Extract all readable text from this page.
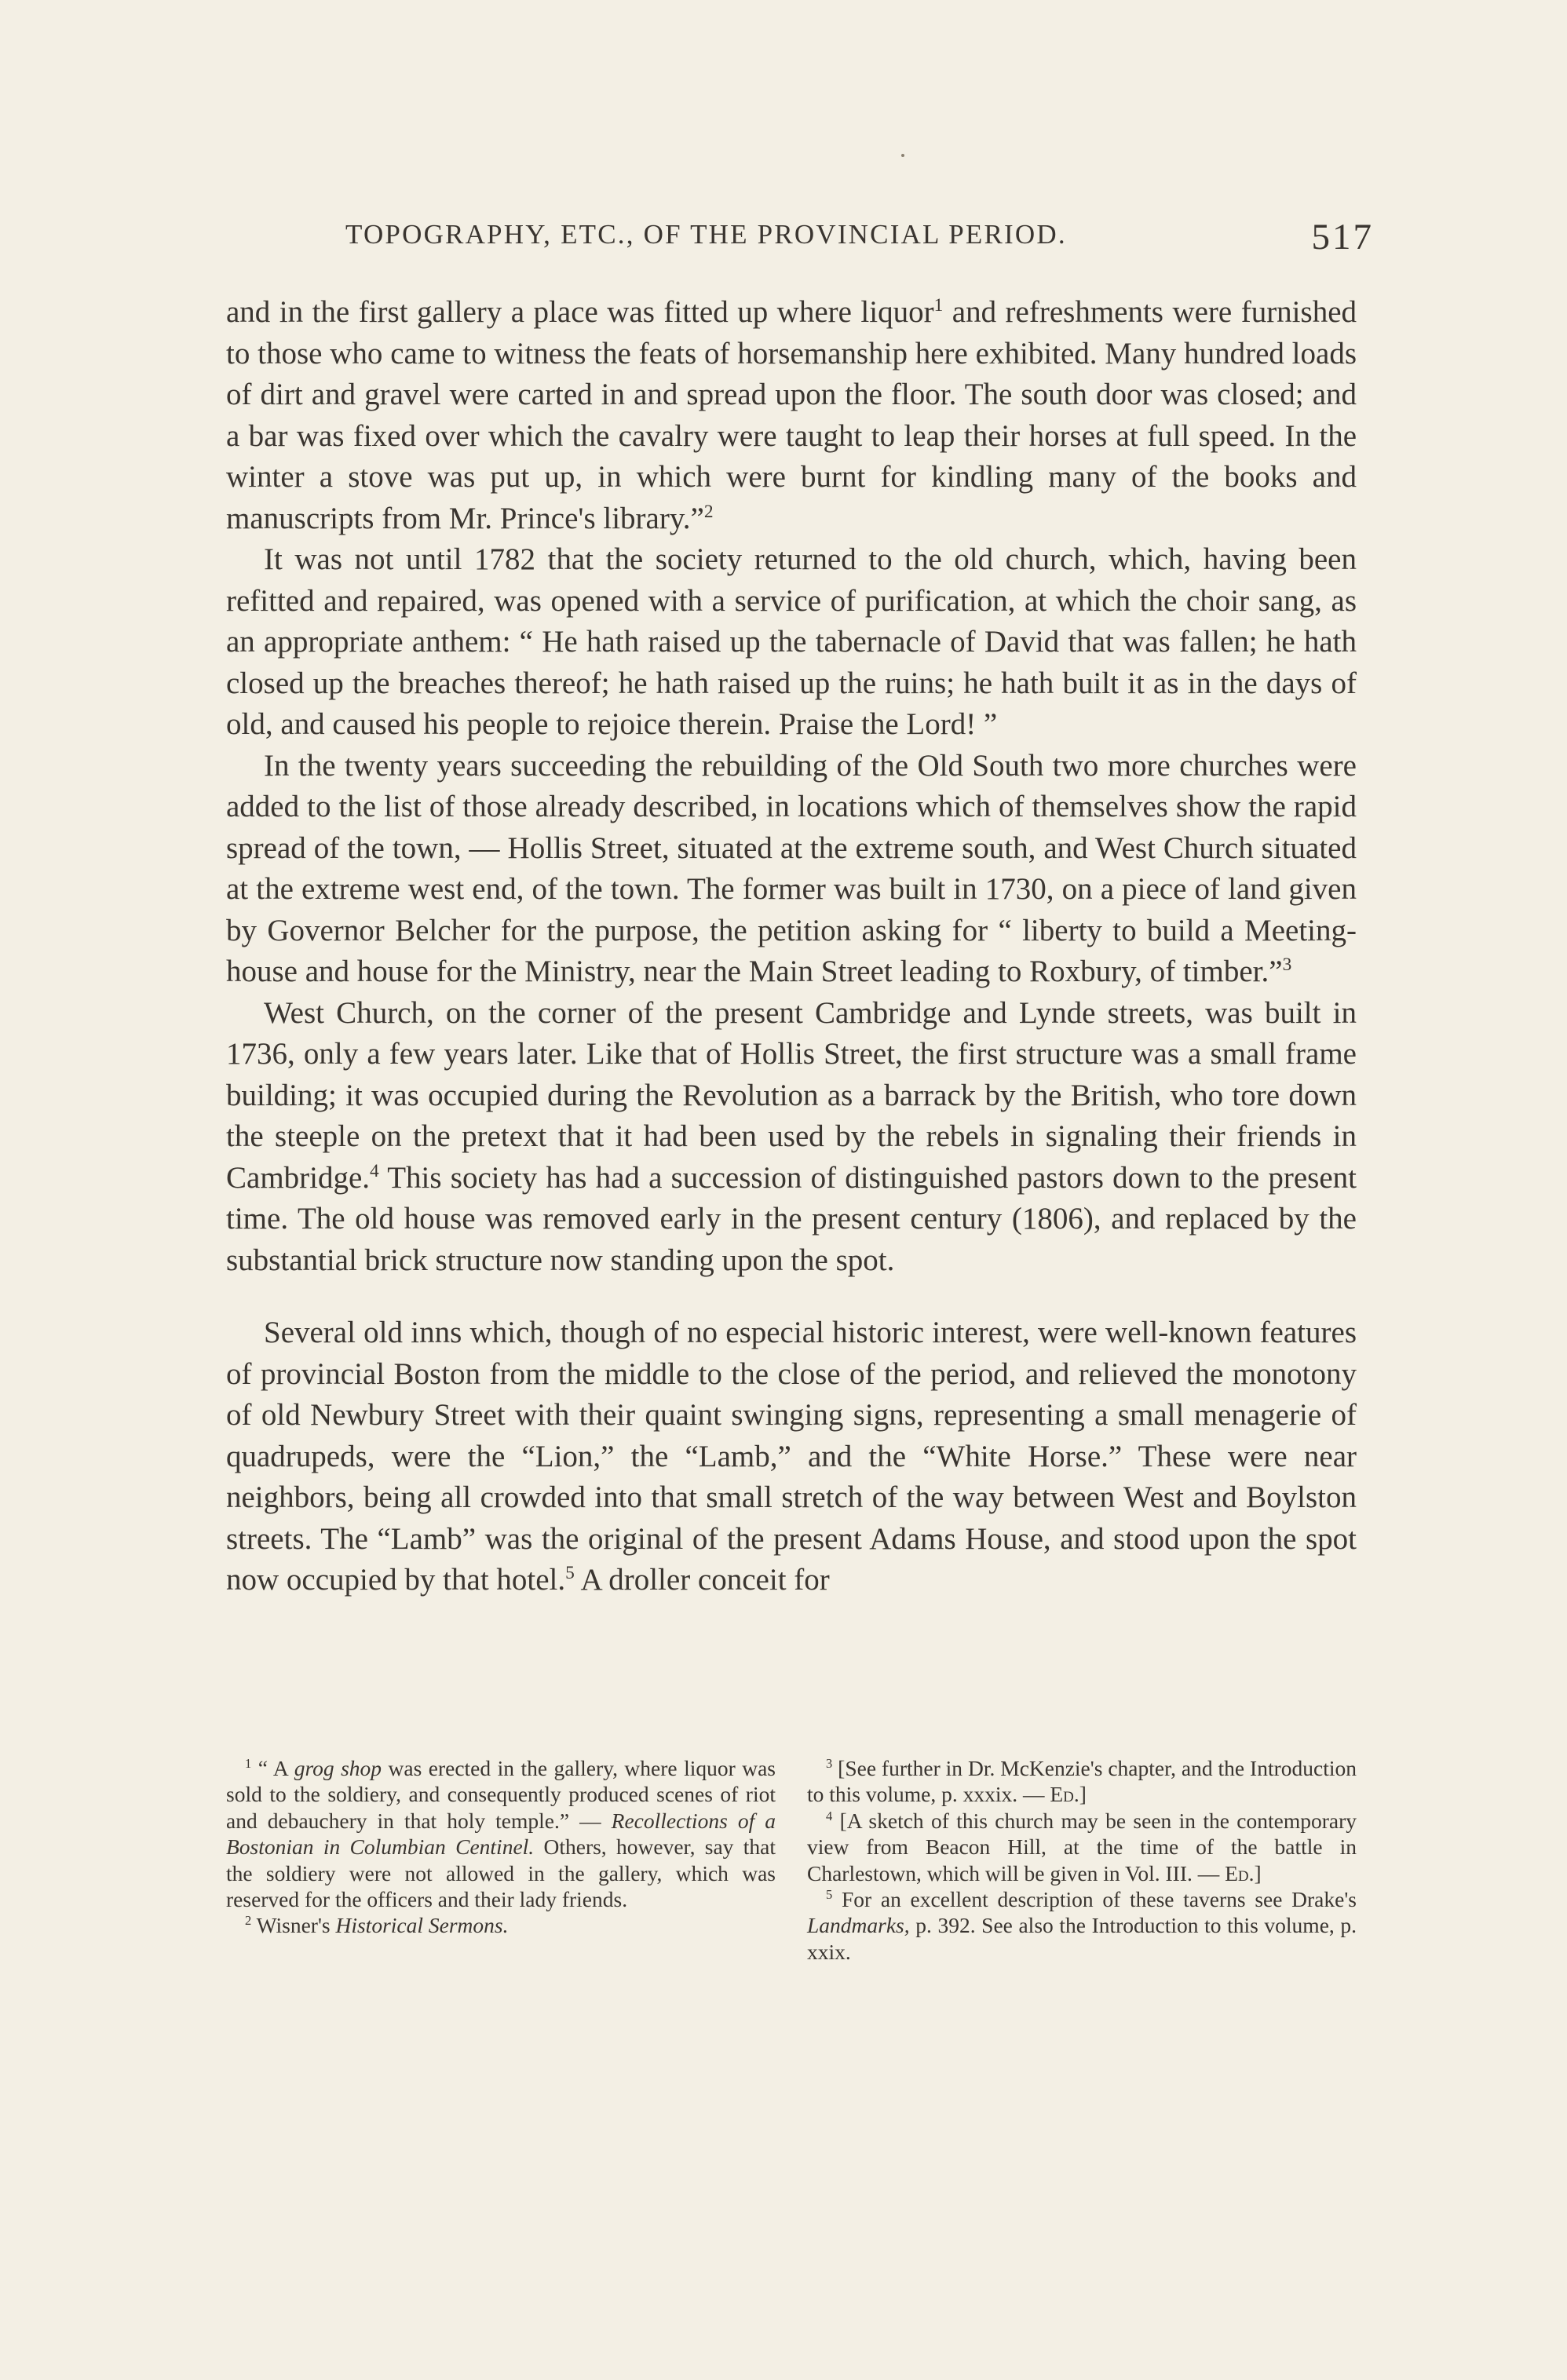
TOPOGRAPHY, ETC., OF THE PROVINCIAL PERIOD.	517

and in the first gallery a place was fitted up where liquor$^1$ and refreshments were furnished to those who came to witness the feats of horsemanship here exhibited. Many hundred loads of dirt and gravel were carted in and spread upon the floor. The south door was closed; and a bar was fixed over which the cavalry were taught to leap their horses at full speed. In the winter a stove was put up, in which were burnt for kindling many of the books and manuscripts from Mr. Prince's library.”$^2$

It was not until 1782 that the society returned to the old church, which, having been refitted and repaired, was opened with a service of purification, at which the choir sang, as an appropriate anthem: “ He hath raised up the tabernacle of David that was fallen; he hath closed up the breaches thereof; he hath raised up the ruins; he hath built it as in the days of old, and caused his people to rejoice therein. Praise the Lord! ”

In the twenty years succeeding the rebuilding of the Old South two more churches were added to the list of those already described, in locations which of themselves show the rapid spread of the town, — Hollis Street, situated at the extreme south, and West Church situated at the extreme west end, of the town. The former was built in 1730, on a piece of land given by Governor Belcher for the purpose, the petition asking for “ liberty to build a Meeting-house and house for the Ministry, near the Main Street leading to Roxbury, of timber.”$^3$

West Church, on the corner of the present Cambridge and Lynde streets, was built in 1736, only a few years later. Like that of Hollis Street, the first structure was a small frame building; it was occupied during the Revolution as a barrack by the British, who tore down the steeple on the pretext that it had been used by the rebels in signaling their friends in Cambridge.$^4$ This society has had a succession of distinguished pastors down to the present time. The old house was removed early in the present century (1806), and replaced by the substantial brick structure now standing upon the spot.

Several old inns which, though of no especial historic interest, were well-known features of provincial Boston from the middle to the close of the period, and relieved the monotony of old Newbury Street with their quaint swinging signs, representing a small menagerie of quadrupeds, were the “Lion,” the “Lamb,” and the “White Horse.” These were near neighbors, being all crowded into that small stretch of the way between West and Boylston streets. The “Lamb” was the original of the present Adams House, and stood upon the spot now occupied by that hotel.$^5$ A droller conceit for

$^1$ “ A grog shop was erected in the gallery, where liquor was sold to the soldiery, and consequently produced scenes of riot and debauchery in that holy temple.” — Recollections of a Bostonian in Columbian Centinel. Others, however, say that the soldiery were not allowed in the gallery, which was reserved for the officers and their lady friends.

$^2$ Wisner's Historical Sermons.

$^3$ [See further in Dr. McKenzie's chapter, and the Introduction to this volume, p. xxxix. — Ed.]

$^4$ [A sketch of this church may be seen in the contemporary view from Beacon Hill, at the time of the battle in Charlestown, which will be given in Vol. III. — Ed.]

$^5$ For an excellent description of these taverns see Drake's Landmarks, p. 392. See also the Introduction to this volume, p. xxix.
